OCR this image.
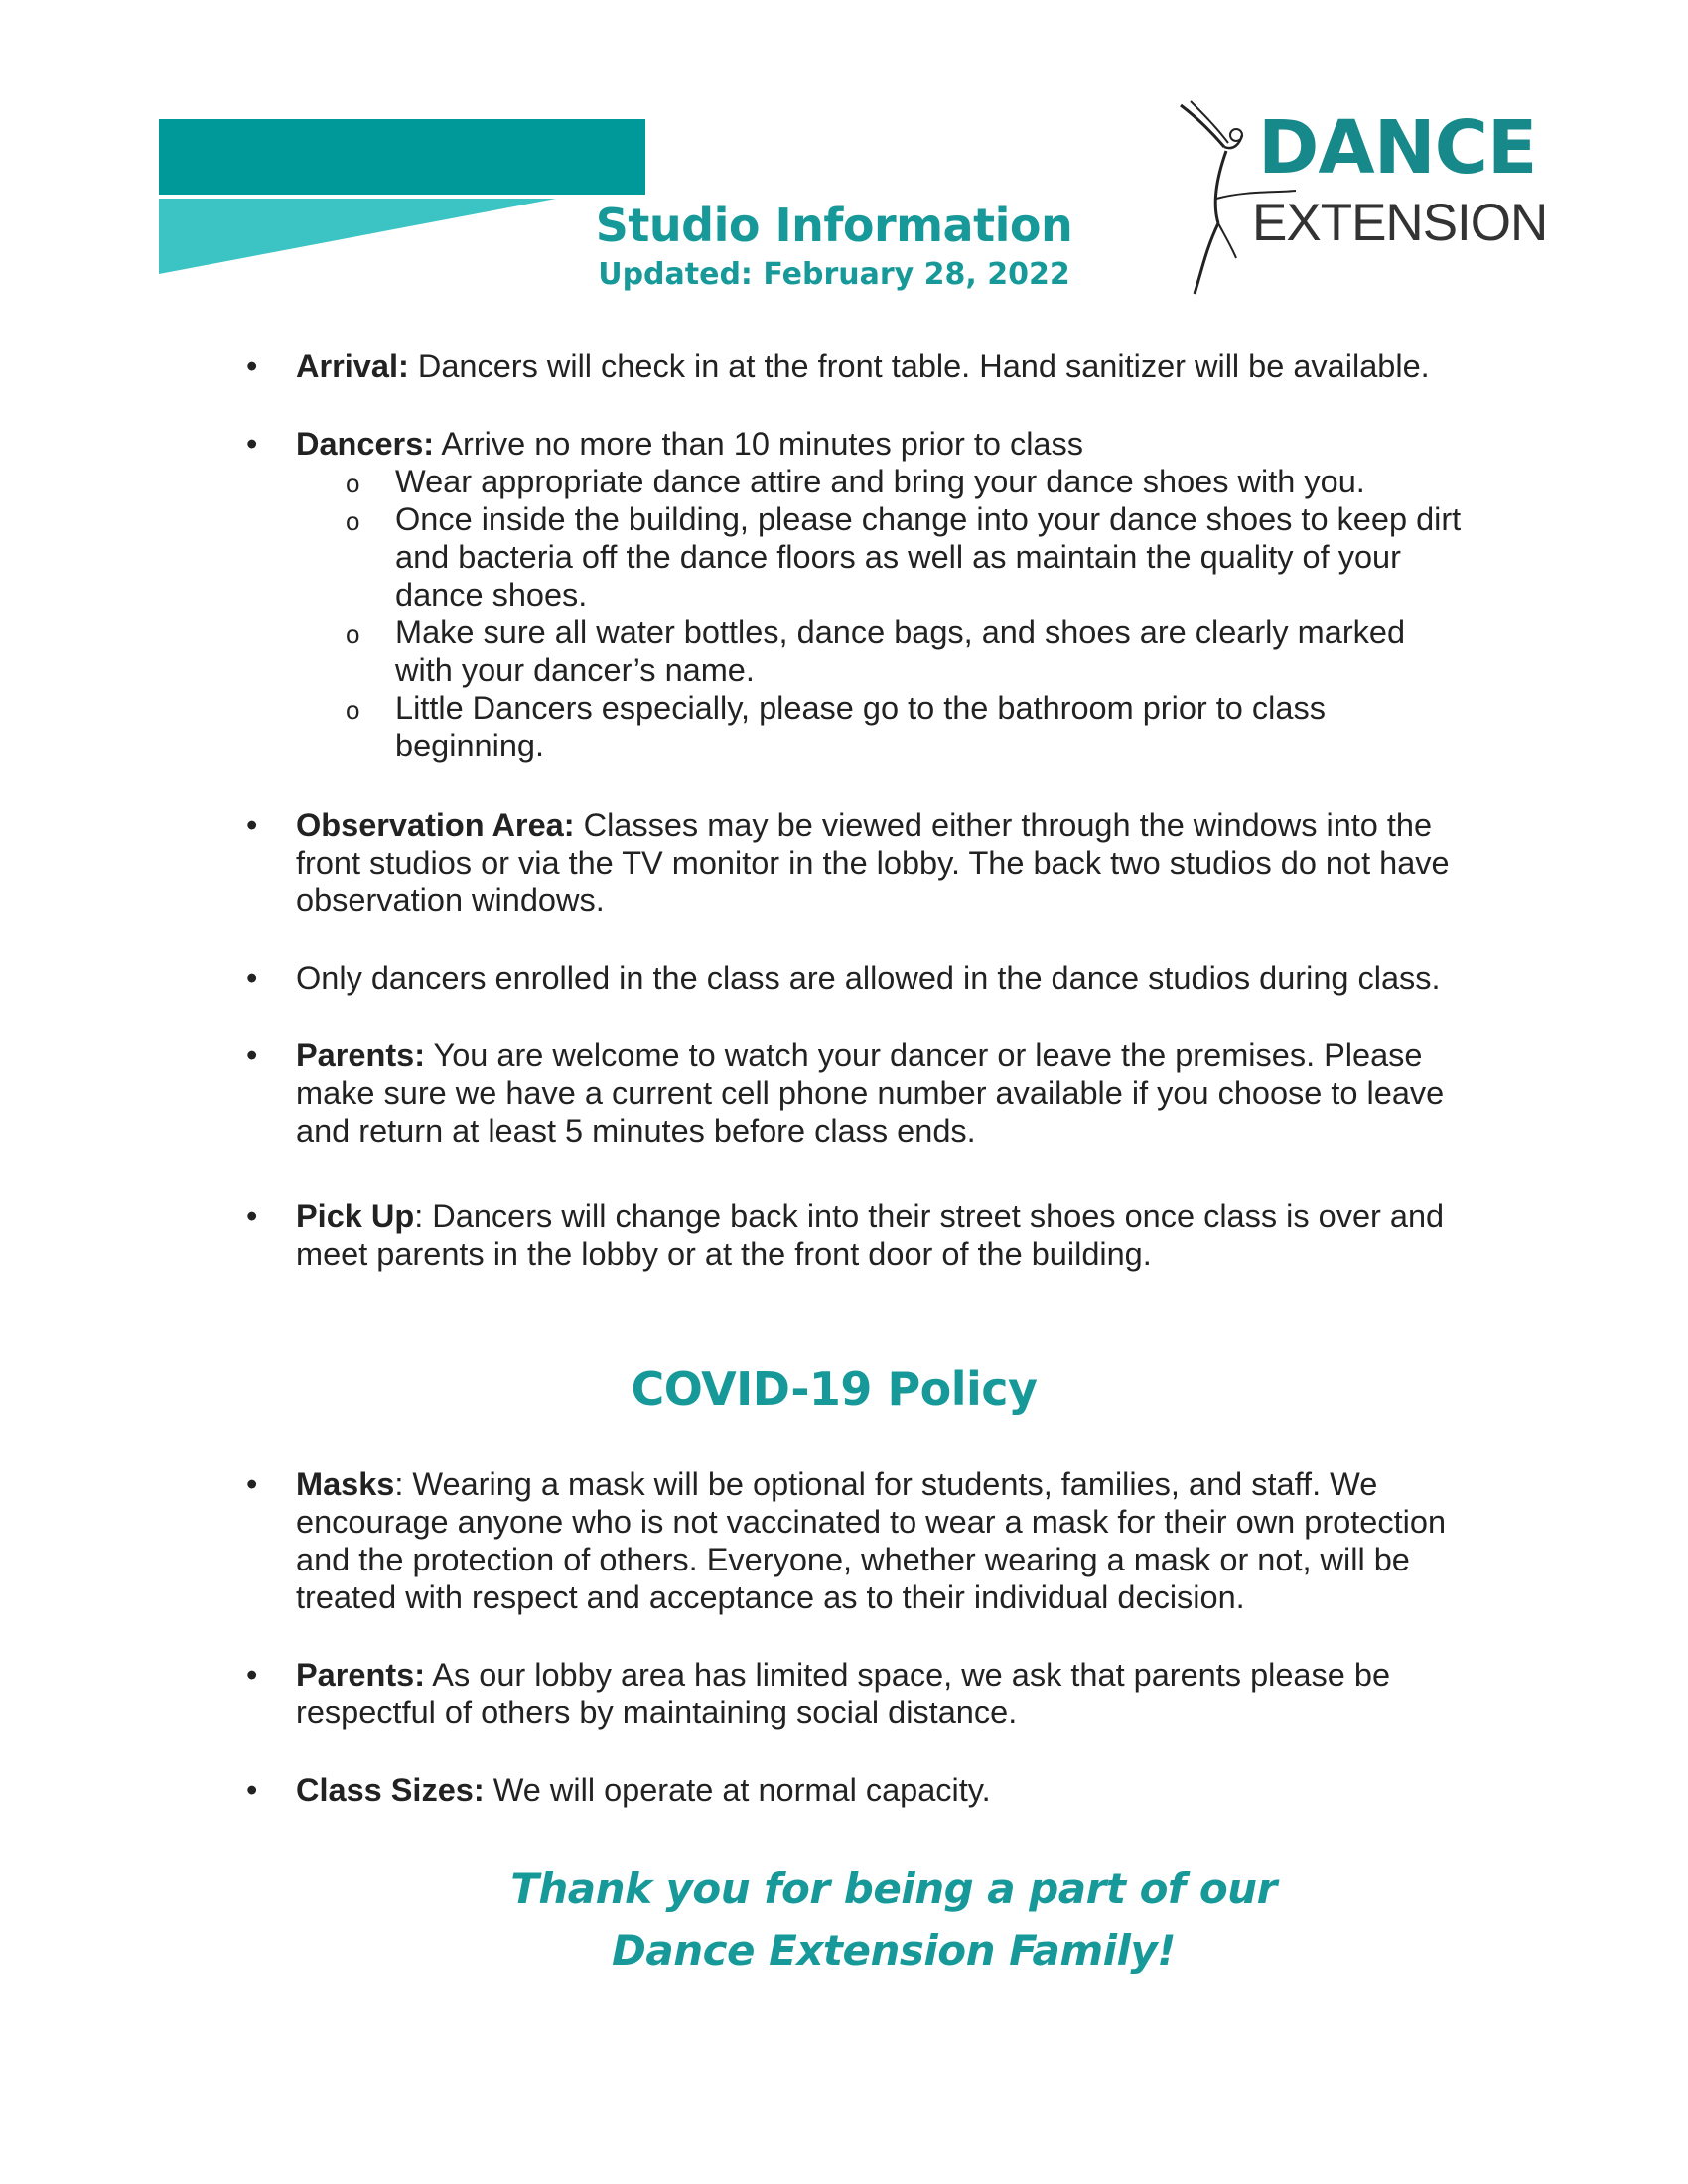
Studio Information
Updated: February 28, 2022
DANCE
EXTENSION
• Arrival: Dancers will check in at the front table. Hand sanitizer will be available.
• Dancers: Arrive no more than 10 minutes prior to class
o Wear appropriate dance attire and bring your dance shoes with you.
o Once inside the building, please change into your dance shoes to keep dirt and bacteria off the dance floors as well as maintain the quality of your dance shoes.
o Make sure all water bottles, dance bags, and shoes are clearly marked with your dancer’s name.
o Little Dancers especially, please go to the bathroom prior to class beginning.
• Observation Area: Classes may be viewed either through the windows into the front studios or via the TV monitor in the lobby. The back two studios do not have observation windows.
• Only dancers enrolled in the class are allowed in the dance studios during class.
• Parents: You are welcome to watch your dancer or leave the premises. Please make sure we have a current cell phone number available if you choose to leave and return at least 5 minutes before class ends.
• Pick Up: Dancers will change back into their street shoes once class is over and meet parents in the lobby or at the front door of the building.
COVID-19 Policy
• Masks: Wearing a mask will be optional for students, families, and staff. We encourage anyone who is not vaccinated to wear a mask for their own protection and the protection of others. Everyone, whether wearing a mask or not, will be treated with respect and acceptance as to their individual decision.
• Parents: As our lobby area has limited space, we ask that parents please be respectful of others by maintaining social distance.
• Class Sizes: We will operate at normal capacity.
Thank you for being a part of our
Dance Extension Family!
